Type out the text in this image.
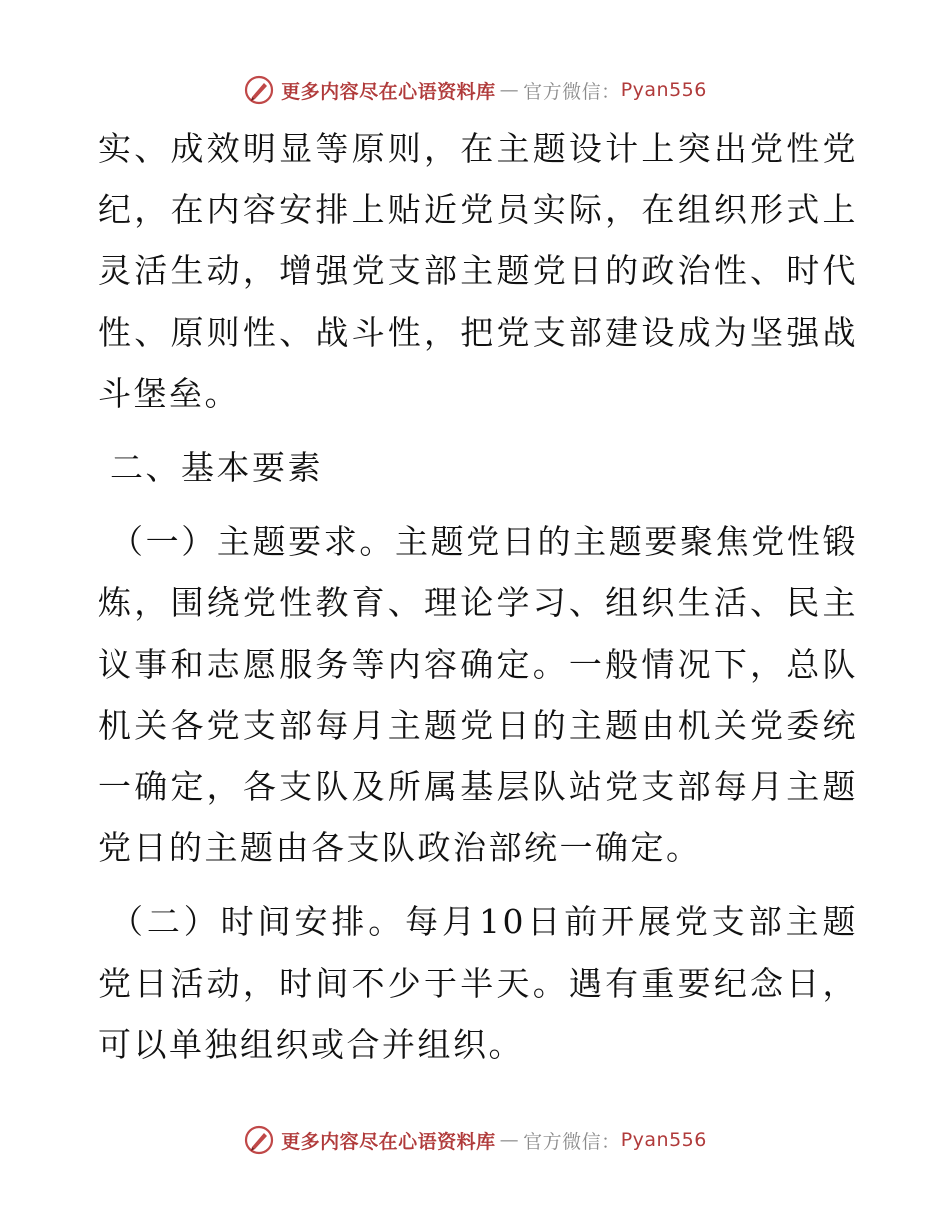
更多内容尽在心语资料库 — 官方微信： Pyan556

实、成效明显等原则，在主题设计上突出党性党纪，在内容安排上贴近党员实际，在组织形式上灵活生动，增强党支部主题党日的政治性、时代性、原则性、战斗性，把党支部建设成为坚强战斗堡垒。

二、基本要素

（一）主题要求。主题党日的主题要聚焦党性锻炼，围绕党性教育、理论学习、组织生活、民主议事和志愿服务等内容确定。一般情况下，总队机关各党支部每月主题党日的主题由机关党委统一确定，各支队及所属基层队站党支部每月主题党日的主题由各支队政治部统一确定。

（二）时间安排。每月10日前开展党支部主题党日活动，时间不少于半天。遇有重要纪念日，可以单独组织或合并组织。

更多内容尽在心语资料库 — 官方微信： Pyan556
